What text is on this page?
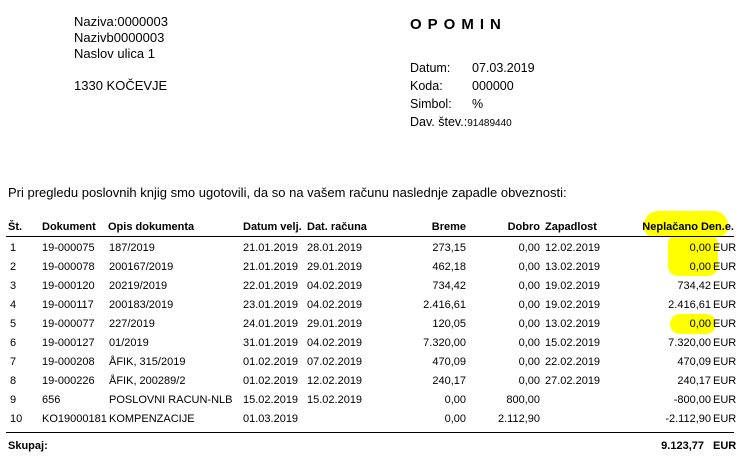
Naziva:0000003
Nazivb0000003
Naslov ulica 1
1330 KOČEVJE
OPOMIN
Datum: 07.03.2019
Koda: 000000
Simbol: %
Dav. štev.:91489440
Pri pregledu poslovnih knjig smo ugotovili, da so na vašem računu naslednje zapadle obveznosti:
Št. Dokument Opis dokumenta	Datum velj. Dat. računa	Breme	Dobro Zapadlost	Neplačano Den.e.
1 19-000075 187/2019	21.01.2019 28.01.2019	273,15	0,00 12.02.2019	0,00 EUR
2 19-000078 200167/2019	21.01.2019 29.01.2019	462,18	0,00 13.02.2019	0,00 EUR
3 19-000120 20219/2019	22.01.2019 04.02.2019	734,42	0,00 19.02.2019	734,42 EUR
4 19-000117 200183/2019	23.01.2019 04.02.2019	2.416,61	0,00 19.02.2019	2.416,61 EUR
5 19-000077 227/2019	24.01.2019 29.01.2019	120,05	0,00 13.02.2019	0,00 EUR
6 19-000127 01/2019	31.01.2019 04.02.2019	7.320,00	0,00 15.02.2019	7.320,00 EUR
7 19-000208 ÅFIK, 315/2019	01.02.2019 07.02.2019	470,09	0,00 22.02.2019	470,09 EUR
8 19-000226 ÅFIK, 200289/2	01.02.2019 12.02.2019	240,17	0,00 27.02.2019	240,17 EUR
9 656	POSLOVNI RACUN-NLB 15.02.2019 15.02.2019	0,00	800,00	-800,00 EUR
10 KO19000181 KOMPENZACIJE	01.03.2019	0,00	2.112,90	-2.112,90 EUR
Skupaj:	9.123,77 EUR
